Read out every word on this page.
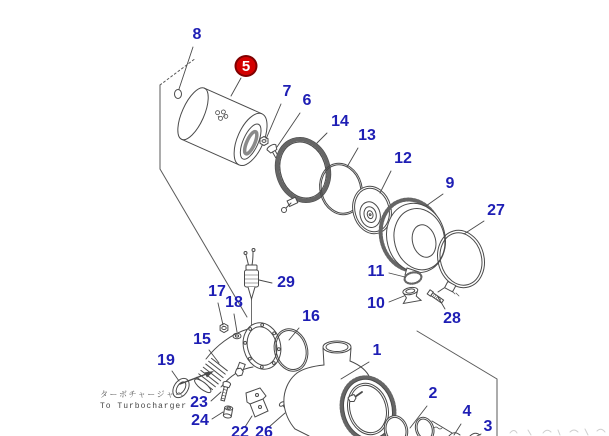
ターボチャージャヘ
To Turbocharger
8
7
6
14
13
12
9
27
11
10
28
29
17
18
15
16
19
23
24
1
2
4
3
22 26
5
